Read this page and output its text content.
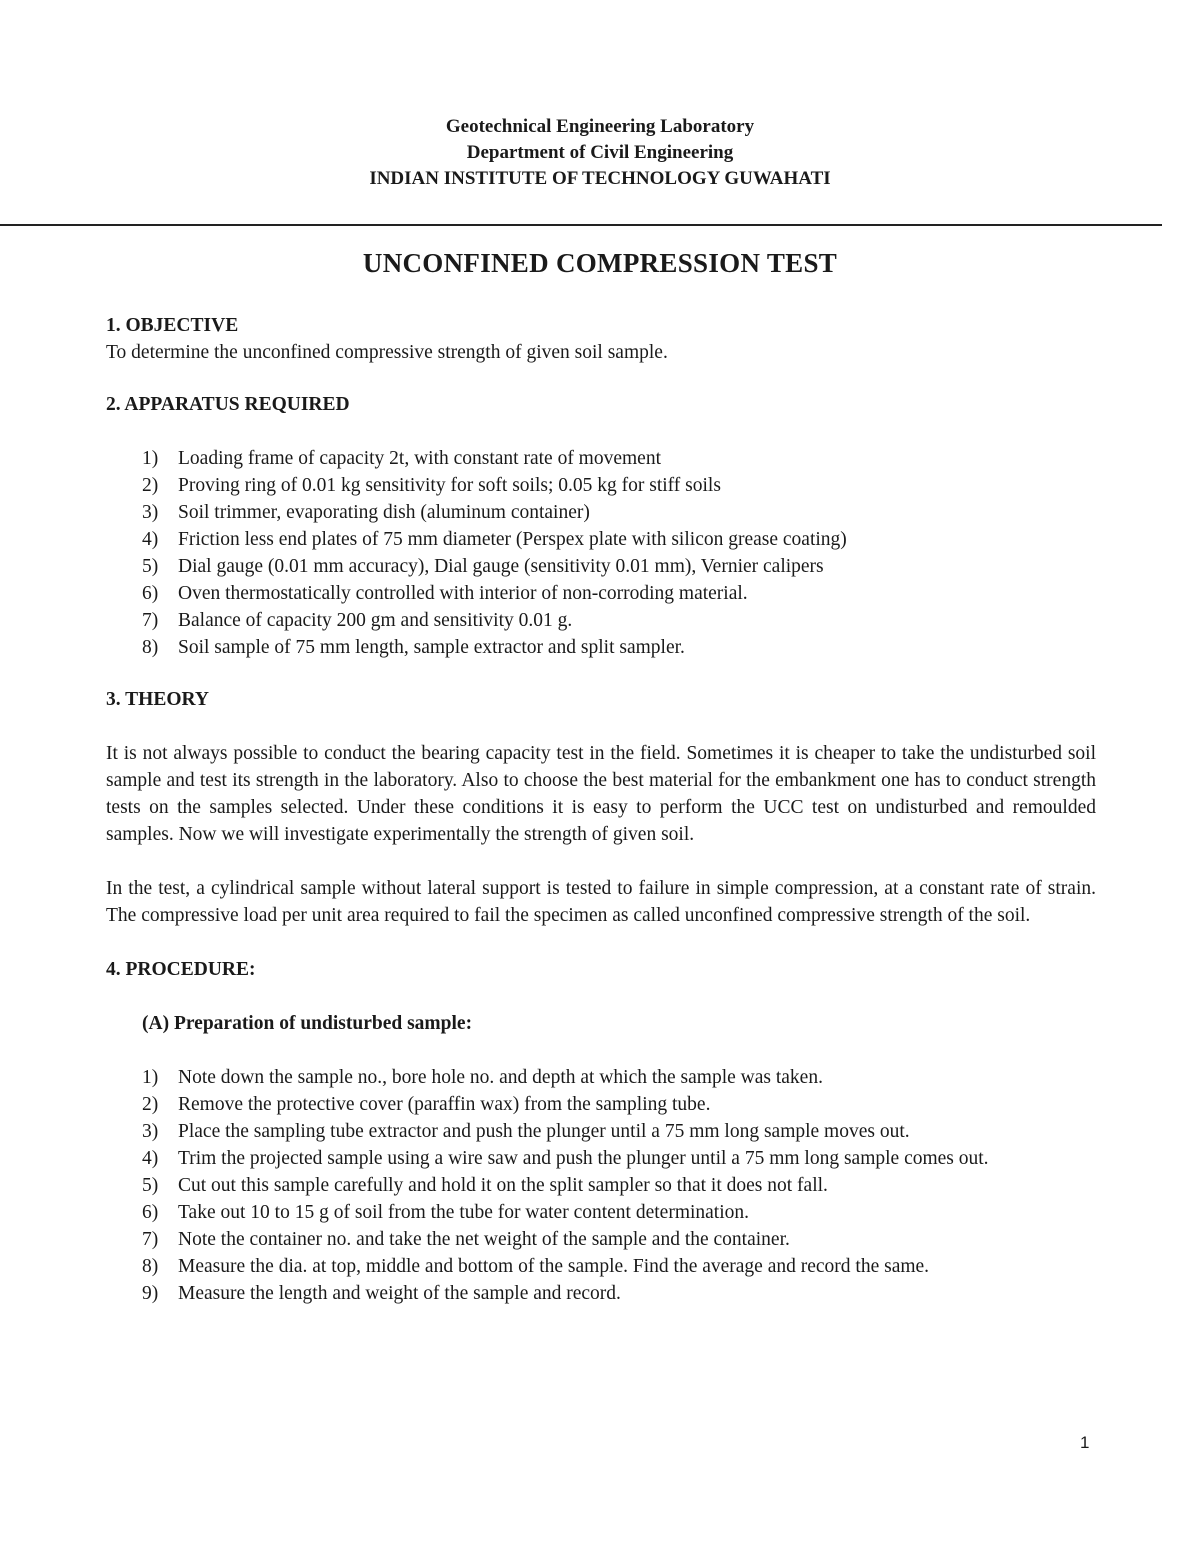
Geotechnical Engineering Laboratory
Department of Civil Engineering
INDIAN INSTITUTE OF TECHNOLOGY GUWAHATI
UNCONFINED COMPRESSION TEST
1. OBJECTIVE

To determine the unconfined compressive strength of given soil sample.

2. APPARATUS REQUIRED
1) Loading frame of capacity 2t, with constant rate of movement
2) Proving ring of 0.01 kg sensitivity for soft soils; 0.05 kg for stiff soils
3) Soil trimmer, evaporating dish (aluminum container)
4) Friction less end plates of 75 mm diameter (Perspex plate with silicon grease coating)
5) Dial gauge (0.01 mm accuracy), Dial gauge (sensitivity 0.01 mm), Vernier calipers
6) Oven thermostatically controlled with interior of non-corroding material.
7) Balance of capacity 200 gm and sensitivity 0.01 g.
8) Soil sample of 75 mm length, sample extractor and split sampler.
3. THEORY

It is not always possible to conduct the bearing capacity test in the field. Sometimes it is cheaper to take the undisturbed soil sample and test its strength in the laboratory. Also to choose the best material for the embankment one has to conduct strength tests on the samples selected. Under these conditions it is easy to perform the UCC test on undisturbed and remoulded samples. Now we will investigate experimentally the strength of given soil.

In the test, a cylindrical sample without lateral support is tested to failure in simple compression, at a constant rate of strain. The compressive load per unit area required to fail the specimen as called unconfined compressive strength of the soil.

4. PROCEDURE:
(A) Preparation of undisturbed sample:
1) Note down the sample no., bore hole no. and depth at which the sample was taken.
2) Remove the protective cover (paraffin wax) from the sampling tube.
3) Place the sampling tube extractor and push the plunger until a 75 mm long sample moves out.
4) Trim the projected sample using a wire saw and push the plunger until a 75 mm long sample comes out.
5) Cut out this sample carefully and hold it on the split sampler so that it does not fall.
6) Take out 10 to 15 g of soil from the tube for water content determination.
7) Note the container no. and take the net weight of the sample and the container.
8) Measure the dia. at top, middle and bottom of the sample. Find the average and record the same.
9) Measure the length and weight of the sample and record.
1
